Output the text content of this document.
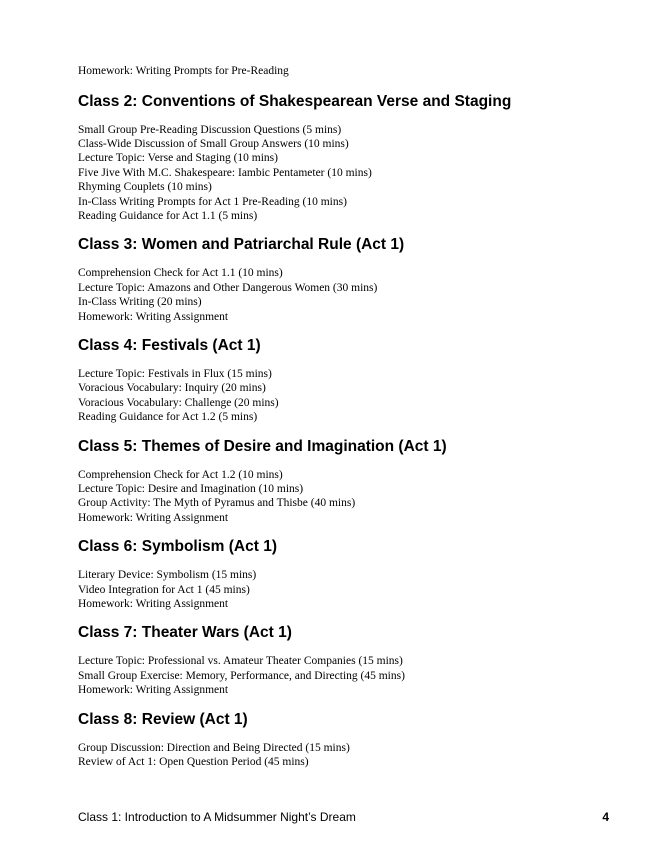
Homework: Writing Prompts for Pre-Reading
Class 2: Conventions of Shakespearean Verse and Staging
Small Group Pre-Reading Discussion Questions (5 mins)
Class-Wide Discussion of Small Group Answers (10 mins)
Lecture Topic: Verse and Staging (10 mins)
Five Jive With M.C. Shakespeare: Iambic Pentameter (10 mins)
Rhyming Couplets (10 mins)
In-Class Writing Prompts for Act 1 Pre-Reading (10 mins)
Reading Guidance for Act 1.1 (5 mins)
Class 3: Women and Patriarchal Rule (Act 1)
Comprehension Check for Act 1.1 (10 mins)
Lecture Topic: Amazons and Other Dangerous Women (30 mins)
In-Class Writing (20 mins)
Homework: Writing Assignment
Class 4: Festivals (Act 1)
Lecture Topic: Festivals in Flux (15 mins)
Voracious Vocabulary: Inquiry (20 mins)
Voracious Vocabulary: Challenge (20 mins)
Reading Guidance for Act 1.2 (5 mins)
Class 5: Themes of Desire and Imagination (Act 1)
Comprehension Check for Act 1.2 (10 mins)
Lecture Topic: Desire and Imagination (10 mins)
Group Activity: The Myth of Pyramus and Thisbe (40 mins)
Homework: Writing Assignment
Class 6: Symbolism (Act 1)
Literary Device: Symbolism (15 mins)
Video Integration for Act 1 (45 mins)
Homework: Writing Assignment
Class 7: Theater Wars (Act 1)
Lecture Topic: Professional vs. Amateur Theater Companies (15 mins)
Small Group Exercise: Memory, Performance, and Directing (45 mins)
Homework: Writing Assignment
Class 8: Review (Act 1)
Group Discussion: Direction and Being Directed (15 mins)
Review of Act 1: Open Question Period (45 mins)
Class 1: Introduction to A Midsummer Night’s Dream	4
